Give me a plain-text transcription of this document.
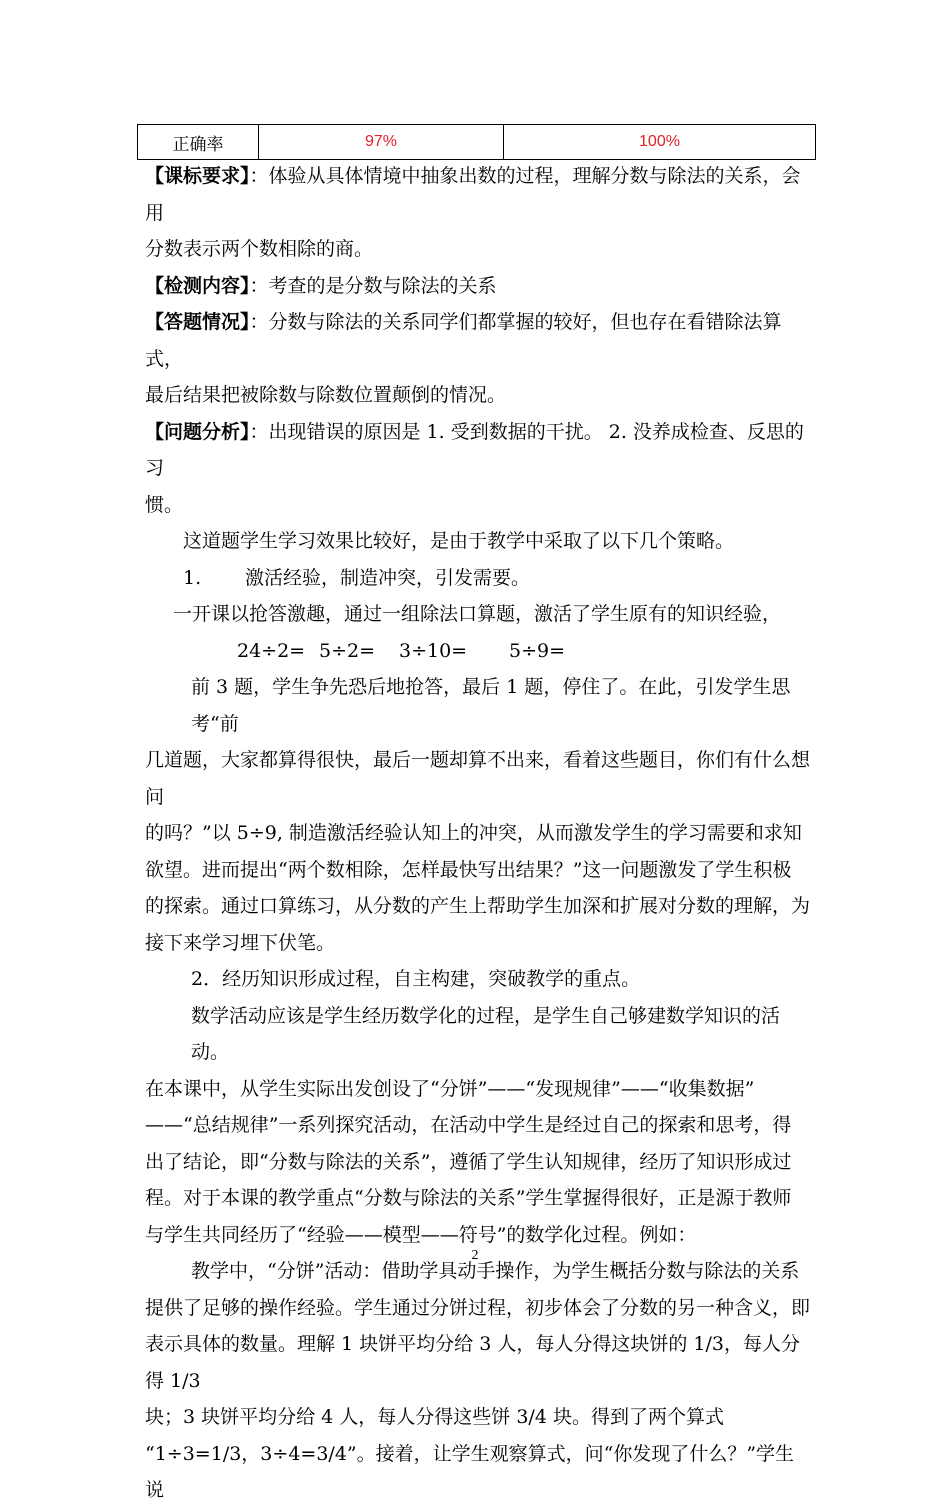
正确率	97%	100%

【课标要求】：体验从具体情境中抽象出数的过程，理解分数与除法的关系，会用

分数表示两个数相除的商。

【检测内容】：考查的是分数与除法的关系

【答题情况】：分数与除法的关系同学们都掌握的较好，但也存在看错除法算式，

最后结果把被除数与除数位置颠倒的情况。

【问题分析】：出现错误的原因是 1. 受到数据的干扰。 2. 没养成检查、反思的习

惯。

这道题学生学习效果比较好，是由于教学中采取了以下几个策略。

1. 激活经验，制造冲突，引发需要。

一开课以抢答激趣，通过一组除法口算题，激活了学生原有的知识经验，

24÷2= 5÷2= 3÷10= 5÷9=

前 3 题，学生争先恐后地抢答，最后 1 题，停住了。在此，引发学生思考“前

几道题，大家都算得很快，最后一题却算不出来，看着这些题目，你们有什么想问

的吗？”以 5÷9, 制造激活经验认知上的冲突，从而激发学生的学习需要和求知

欲望。进而提出“两个数相除，怎样最快写出结果？”这一问题激发了学生积极

的探索。通过口算练习，从分数的产生上帮助学生加深和扩展对分数的理解，为

接下来学习埋下伏笔。

2．经历知识形成过程，自主构建，突破教学的重点。

数学活动应该是学生经历数学化的过程，是学生自己够建数学知识的活动。

在本课中，从学生实际出发创设了“分饼”——“发现规律”——“收集数据”

——“总结规律”一系列探究活动，在活动中学生是经过自己的探索和思考，得

出了结论，即“分数与除法的关系”，遵循了学生认知规律，经历了知识形成过

程。对于本课的教学重点“分数与除法的关系”学生掌握得很好，正是源于教师

与学生共同经历了“经验——模型——符号”的数学化过程。例如：

教学中，“分饼”活动：借助学具动手操作，为学生概括分数与除法的关系

提供了足够的操作经验。学生通过分饼过程，初步体会了分数的另一种含义，即

表示具体的数量。理解 1 块饼平均分给 3 人，每人分得这块饼的 1/3，每人分得 1/3

块；3 块饼平均分给 4 人，每人分得这些饼 3/4 块。得到了两个算式

“1÷3=1/3，3÷4=3/4”。接着，让学生观察算式，问“你发现了什么？”学生说

2
